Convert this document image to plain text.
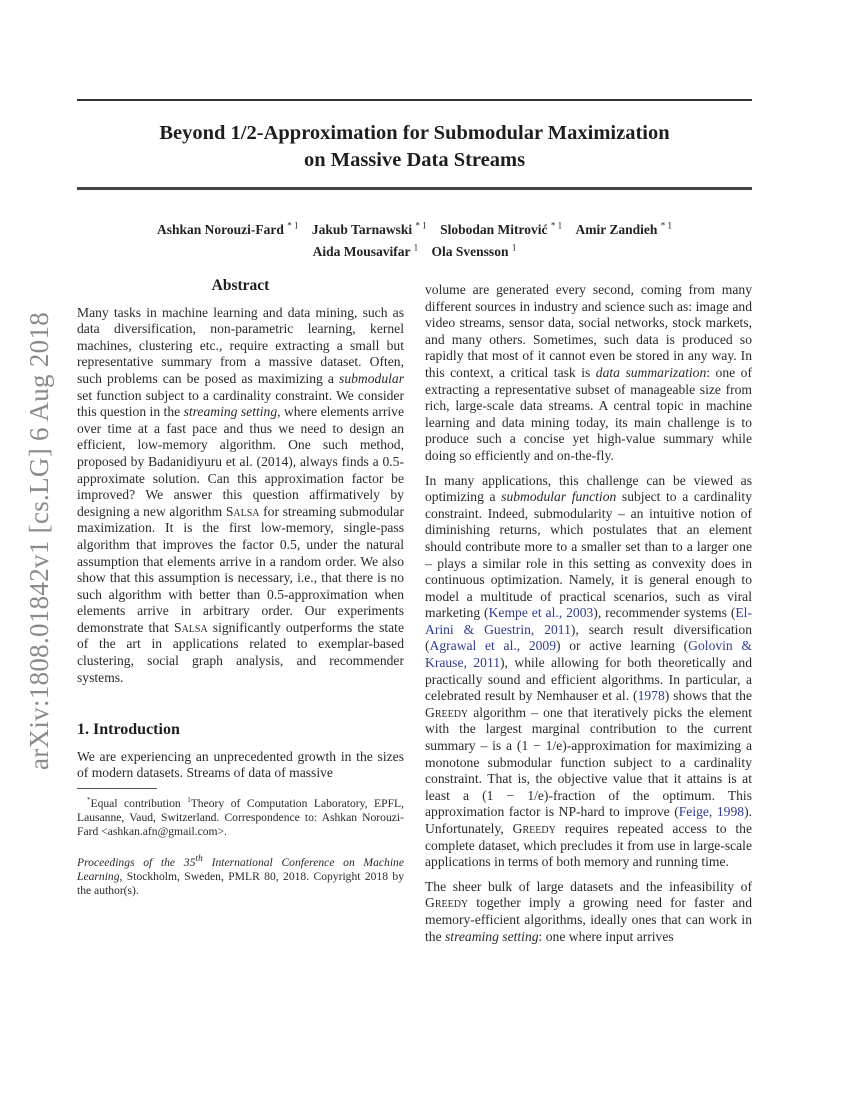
arXiv:1808.01842v1 [cs.LG] 6 Aug 2018
Beyond 1/2-Approximation for Submodular Maximization
on Massive Data Streams
Ashkan Norouzi-Fard $^{* 1}$ Jakub Tarnawski $^{* 1}$ Slobodan Mitrović $^{* 1}$ Amir Zandieh $^{* 1}$
Aida Mousavifar $^1$ Ola Svensson $^1$
Abstract

Many tasks in machine learning and data mining, such as data diversification, non-parametric learning, kernel machines, clustering etc., require extracting a small but representative summary from a massive dataset. Often, such problems can be posed as maximizing a submodular set function subject to a cardinality constraint. We consider this question in the streaming setting, where elements arrive over time at a fast pace and thus we need to design an efficient, low-memory algorithm. One such method, proposed by Badanidiyuru et al. (2014), always finds a 0.5-approximate solution. Can this approximation factor be improved? We answer this question affirmatively by designing a new algorithm Salsa for streaming submodular maximization. It is the first low-memory, single-pass algorithm that improves the factor 0.5, under the natural assumption that elements arrive in a random order. We also show that this assumption is necessary, i.e., that there is no such algorithm with better than 0.5-approximation when elements arrive in arbitrary order. Our experiments demonstrate that Salsa significantly outperforms the state of the art in applications related to exemplar-based clustering, social graph analysis, and recommender systems.

1. Introduction

We are experiencing an unprecedented growth in the sizes of modern datasets. Streams of data of massive

*Equal contribution $^1$Theory of Computation Laboratory, EPFL, Lausanne, Vaud, Switzerland. Correspondence to: Ashkan Norouzi-Fard <ashkan.afn@gmail.com>.

Proceedings of the 35th International Conference on Machine Learning, Stockholm, Sweden, PMLR 80, 2018. Copyright 2018 by the author(s).

volume are generated every second, coming from many different sources in industry and science such as: image and video streams, sensor data, social networks, stock markets, and many others. Sometimes, such data is produced so rapidly that most of it cannot even be stored in any way. In this context, a critical task is data summarization: one of extracting a representative subset of manageable size from rich, large-scale data streams. A central topic in machine learning and data mining today, its main challenge is to produce such a concise yet high-value summary while doing so efficiently and on-the-fly.

In many applications, this challenge can be viewed as optimizing a submodular function subject to a cardinality constraint. Indeed, submodularity – an intuitive notion of diminishing returns, which postulates that an element should contribute more to a smaller set than to a larger one – plays a similar role in this setting as convexity does in continuous optimization. Namely, it is general enough to model a multitude of practical scenarios, such as viral marketing (Kempe et al., 2003), recommender systems (El-Arini & Guestrin, 2011), search result diversification (Agrawal et al., 2009) or active learning (Golovin & Krause, 2011), while allowing for both theoretically and practically sound and efficient algorithms. In particular, a celebrated result by Nemhauser et al. (1978) shows that the Greedy algorithm – one that iteratively picks the element with the largest marginal contribution to the current summary – is a (1 − 1/e)-approximation for maximizing a monotone submodular function subject to a cardinality constraint. That is, the objective value that it attains is at least a (1 − 1/e)-fraction of the optimum. This approximation factor is NP-hard to improve (Feige, 1998). Unfortunately, Greedy requires repeated access to the complete dataset, which precludes it from use in large-scale applications in terms of both memory and running time.

The sheer bulk of large datasets and the infeasibility of Greedy together imply a growing need for faster and memory-efficient algorithms, ideally ones that can work in the streaming setting: one where input arrives
